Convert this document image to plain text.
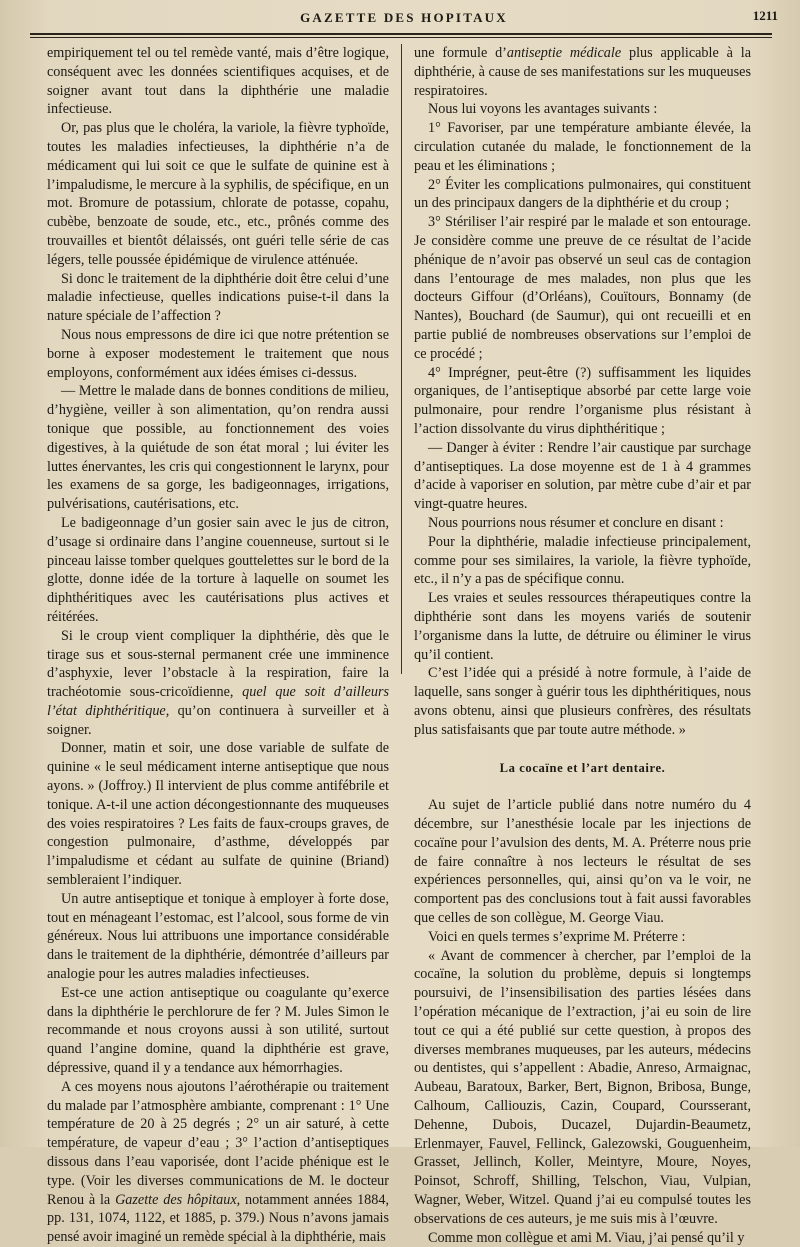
GAZETTE DES HOPITAUX	1211

empiriquement tel ou tel remède vanté, mais d’être logique, conséquent avec les données scientifiques acquises, et de soigner avant tout dans la diphthérie une maladie infectieuse.

Or, pas plus que le choléra, la variole, la fièvre typhoïde, toutes les maladies infectieuses, la diphthérie n’a de médicament qui lui soit ce que le sulfate de quinine est à l’impaludisme, le mercure à la syphilis, de spécifique, en un mot. Bromure de potassium, chlorate de potasse, copahu, cubèbe, benzoate de soude, etc., etc., prônés comme des trouvailles et bientôt délaissés, ont guéri telle série de cas légers, telle poussée épidémique de virulence atténuée.

Si donc le traitement de la diphthérie doit être celui d’une maladie infectieuse, quelles indications puise-t-il dans la nature spéciale de l’affection ?

Nous nous empressons de dire ici que notre prétention se borne à exposer modestement le traitement que nous employons, conformément aux idées émises ci-dessus.

— Mettre le malade dans de bonnes conditions de milieu, d’hygiène, veiller à son alimentation, qu’on rendra aussi tonique que possible, au fonctionnement des voies digestives, à la quiétude de son état moral ; lui éviter les luttes énervantes, les cris qui congestionnent le larynx, pour les examens de sa gorge, les badigeonnages, irrigations, pulvérisations, cautérisations, etc.

Le badigeonnage d’un gosier sain avec le jus de citron, d’usage si ordinaire dans l’angine couenneuse, surtout si le pinceau laisse tomber quelques gouttelettes sur le bord de la glotte, donne idée de la torture à laquelle on soumet les diphthéritiques avec les cautérisations plus actives et réitérées.

Si le croup vient compliquer la diphthérie, dès que le tirage sus et sous-sternal permanent crée une imminence d’asphyxie, lever l’obstacle à la respiration, faire la trachéotomie sous-cricoïdienne, quel que soit d’ailleurs l’état diphthéritique, qu’on continuera à surveiller et à soigner.

Donner, matin et soir, une dose variable de sulfate de quinine « le seul médicament interne antiseptique que nous ayons. » (Joffroy.) Il intervient de plus comme antifébrile et tonique. A-t-il une action décongestionnante des muqueuses des voies respiratoires ? Les faits de faux-croups graves, de congestion pulmonaire, d’asthme, développés par l’impaludisme et cédant au sulfate de quinine (Briand) sembleraient l’indiquer.

Un autre antiseptique et tonique à employer à forte dose, tout en ménageant l’estomac, est l’alcool, sous forme de vin généreux. Nous lui attribuons une importance considérable dans le traitement de la diphthérie, démontrée d’ailleurs par analogie pour les autres maladies infectieuses.

Est-ce une action antiseptique ou coagulante qu’exerce dans la diphthérie le perchlorure de fer ? M. Jules Simon le recommande et nous croyons aussi à son utilité, surtout quand l’angine domine, quand la diphthérie est grave, dépressive, quand il y a tendance aux hémorrhagies.

A ces moyens nous ajoutons l’aérothérapie ou traitement du malade par l’atmosphère ambiante, comprenant : 1° Une température de 20 à 25 degrés ; 2° un air saturé, à cette température, de vapeur d’eau ; 3° l’action d’antiseptiques dissous dans l’eau vaporisée, dont l’acide phénique est le type. (Voir les diverses communications de M. le docteur Renou à la Gazette des hôpitaux, notamment années 1884, pp. 131, 1074, 1122, et 1885, p. 379.) Nous n’avons jamais pensé avoir imaginé un remède spécial à la diphthérie, mais

une formule d’antiseptie médicale plus applicable à la diphthérie, à cause de ses manifestations sur les muqueuses respiratoires.

Nous lui voyons les avantages suivants :

1° Favoriser, par une température ambiante élevée, la circulation cutanée du malade, le fonctionnement de la peau et les éliminations ;

2° Éviter les complications pulmonaires, qui constituent un des principaux dangers de la diphthérie et du croup ;

3° Stériliser l’air respiré par le malade et son entourage. Je considère comme une preuve de ce résultat de l’acide phénique de n’avoir pas observé un seul cas de contagion dans l’entourage de mes malades, non plus que les docteurs Giffour (d’Orléans), Couïtours, Bonnamy (de Nantes), Bouchard (de Saumur), qui ont recueilli et en partie publié de nombreuses observations sur l’emploi de ce procédé ;

4° Imprégner, peut-être (?) suffisamment les liquides organiques, de l’antiseptique absorbé par cette large voie pulmonaire, pour rendre l’organisme plus résistant à l’action dissolvante du virus diphthéritique ;

— Danger à éviter : Rendre l’air caustique par surchage d’antiseptiques. La dose moyenne est de 1 à 4 grammes d’acide à vaporiser en solution, par mètre cube d’air et par vingt-quatre heures.

Nous pourrions nous résumer et conclure en disant :

Pour la diphthérie, maladie infectieuse principalement, comme pour ses similaires, la variole, la fièvre typhoïde, etc., il n’y a pas de spécifique connu.

Les vraies et seules ressources thérapeutiques contre la diphthérie sont dans les moyens variés de soutenir l’organisme dans la lutte, de détruire ou éliminer le virus qu’il contient.

C’est l’idée qui a présidé à notre formule, à l’aide de laquelle, sans songer à guérir tous les diphthéritiques, nous avons obtenu, ainsi que plusieurs confrères, des résultats plus satisfaisants que par toute autre méthode. »

La cocaïne et l’art dentaire.

Au sujet de l’article publié dans notre numéro du 4 décembre, sur l’anesthésie locale par les injections de cocaïne pour l’avulsion des dents, M. A. Préterre nous prie de faire connaître à nos lecteurs le résultat de ses expériences personnelles, qui, ainsi qu’on va le voir, ne comportent pas des conclusions tout à fait aussi favorables que celles de son collègue, M. George Viau.

Voici en quels termes s’exprime M. Préterre :

« Avant de commencer à chercher, par l’emploi de la cocaïne, la solution du problème, depuis si longtemps poursuivi, de l’insensibilisation des parties lésées dans l’opération mécanique de l’extraction, j’ai eu soin de lire tout ce qui a été publié sur cette question, à propos des diverses membranes muqueuses, par les auteurs, médecins ou dentistes, qui s’appellent : Abadie, Anreso, Armaignac, Aubeau, Baratoux, Barker, Bert, Bignon, Bribosa, Bunge, Calhoum, Calliouzis, Cazin, Coupard, Coursserant, Dehenne, Dubois, Ducazel, Dujardin-Beaumetz, Erlenmayer, Fauvel, Fellinck, Galezowski, Gouguenheim, Grasset, Jellinch, Koller, Meintyre, Moure, Noyes, Poinsot, Schroff, Shilling, Telschon, Viau, Vulpian, Wagner, Weber, Witzel. Quand j’ai eu compulsé toutes les observations de ces auteurs, je me suis mis à l’œuvre.

Comme mon collègue et ami M. Viau, j’ai pensé qu’il y
